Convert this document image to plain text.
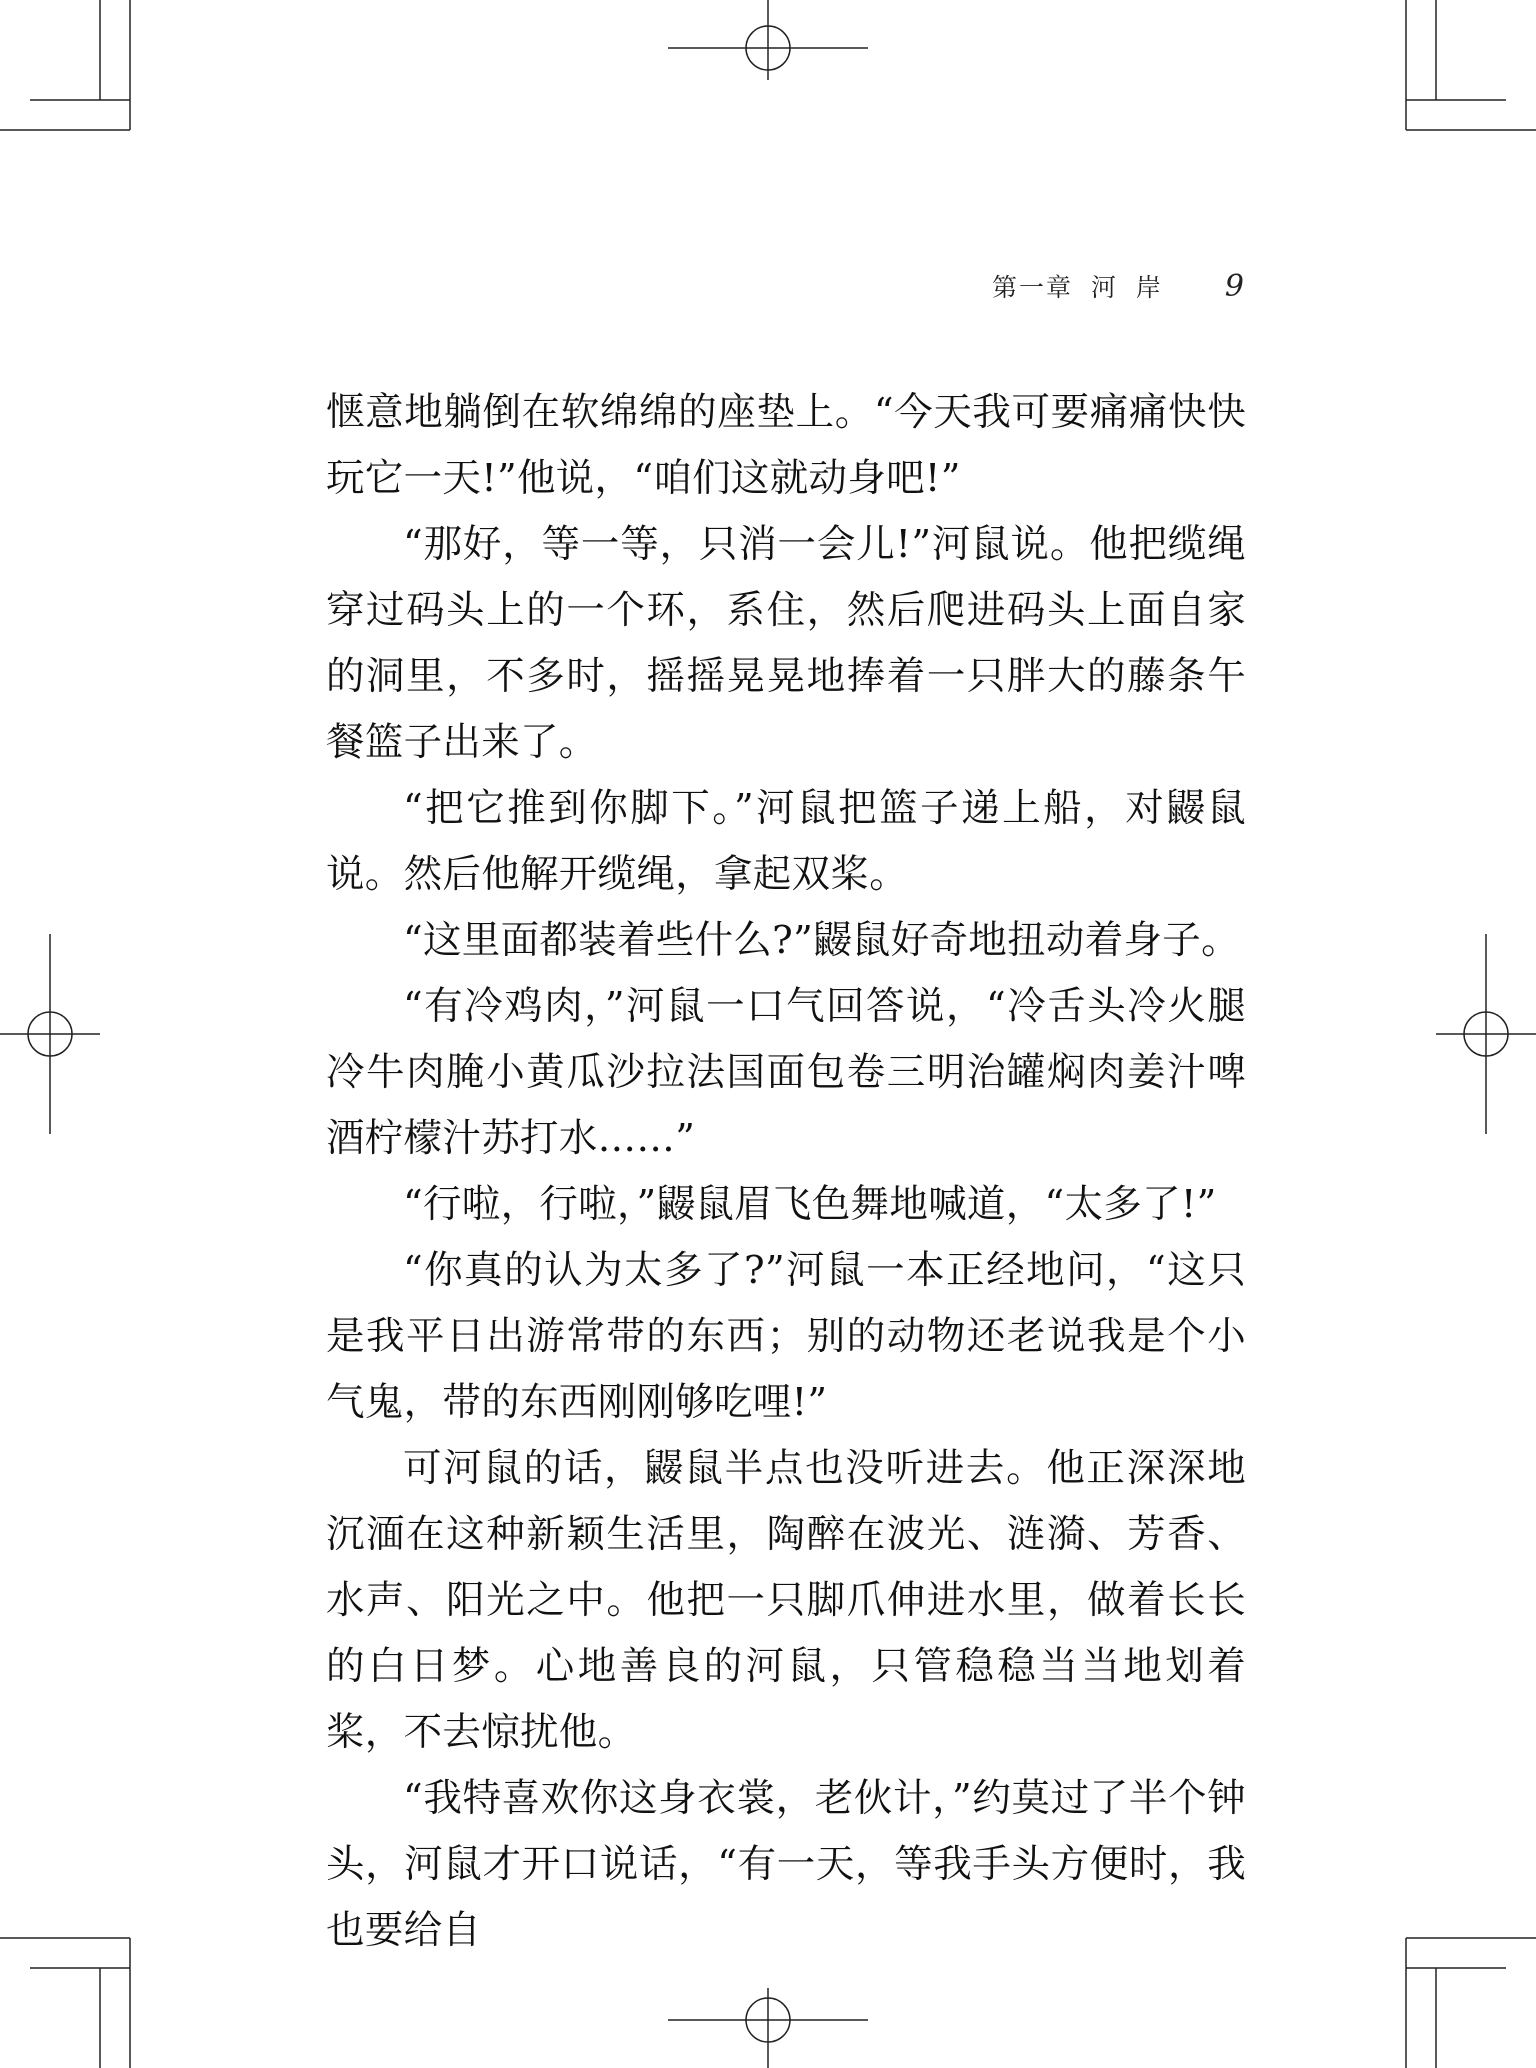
第一章 河 岸 9

惬意地躺倒在软绵绵的座垫上。“今天我可要痛痛快快玩它一天!”他说，“咱们这就动身吧!”

“那好，等一等，只消一会儿!”河鼠说。他把缆绳穿过码头上的一个环，系住，然后爬进码头上面自家的洞里，不多时，摇摇晃晃地捧着一只胖大的藤条午餐篮子出来了。

“把它推到你脚下。”河鼠把篮子递上船，对鼹鼠说。然后他解开缆绳，拿起双桨。

“这里面都装着些什么?”鼹鼠好奇地扭动着身子。

“有冷鸡肉，”河鼠一口气回答说，“冷舌头冷火腿冷牛肉腌小黄瓜沙拉法国面包卷三明治罐焖肉姜汁啤酒柠檬汁苏打水……”

“行啦，行啦，”鼹鼠眉飞色舞地喊道，“太多了!”

“你真的认为太多了?”河鼠一本正经地问，“这只是我平日出游常带的东西；别的动物还老说我是个小气鬼，带的东西刚刚够吃哩!”

可河鼠的话，鼹鼠半点也没听进去。他正深深地沉湎在这种新颖生活里，陶醉在波光、涟漪、芳香、水声、阳光之中。他把一只脚爪伸进水里，做着长长的白日梦。心地善良的河鼠，只管稳稳当当地划着桨，不去惊扰他。

“我特喜欢你这身衣裳，老伙计，”约莫过了半个钟头，河鼠才开口说话，“有一天，等我手头方便时，我也要给自
